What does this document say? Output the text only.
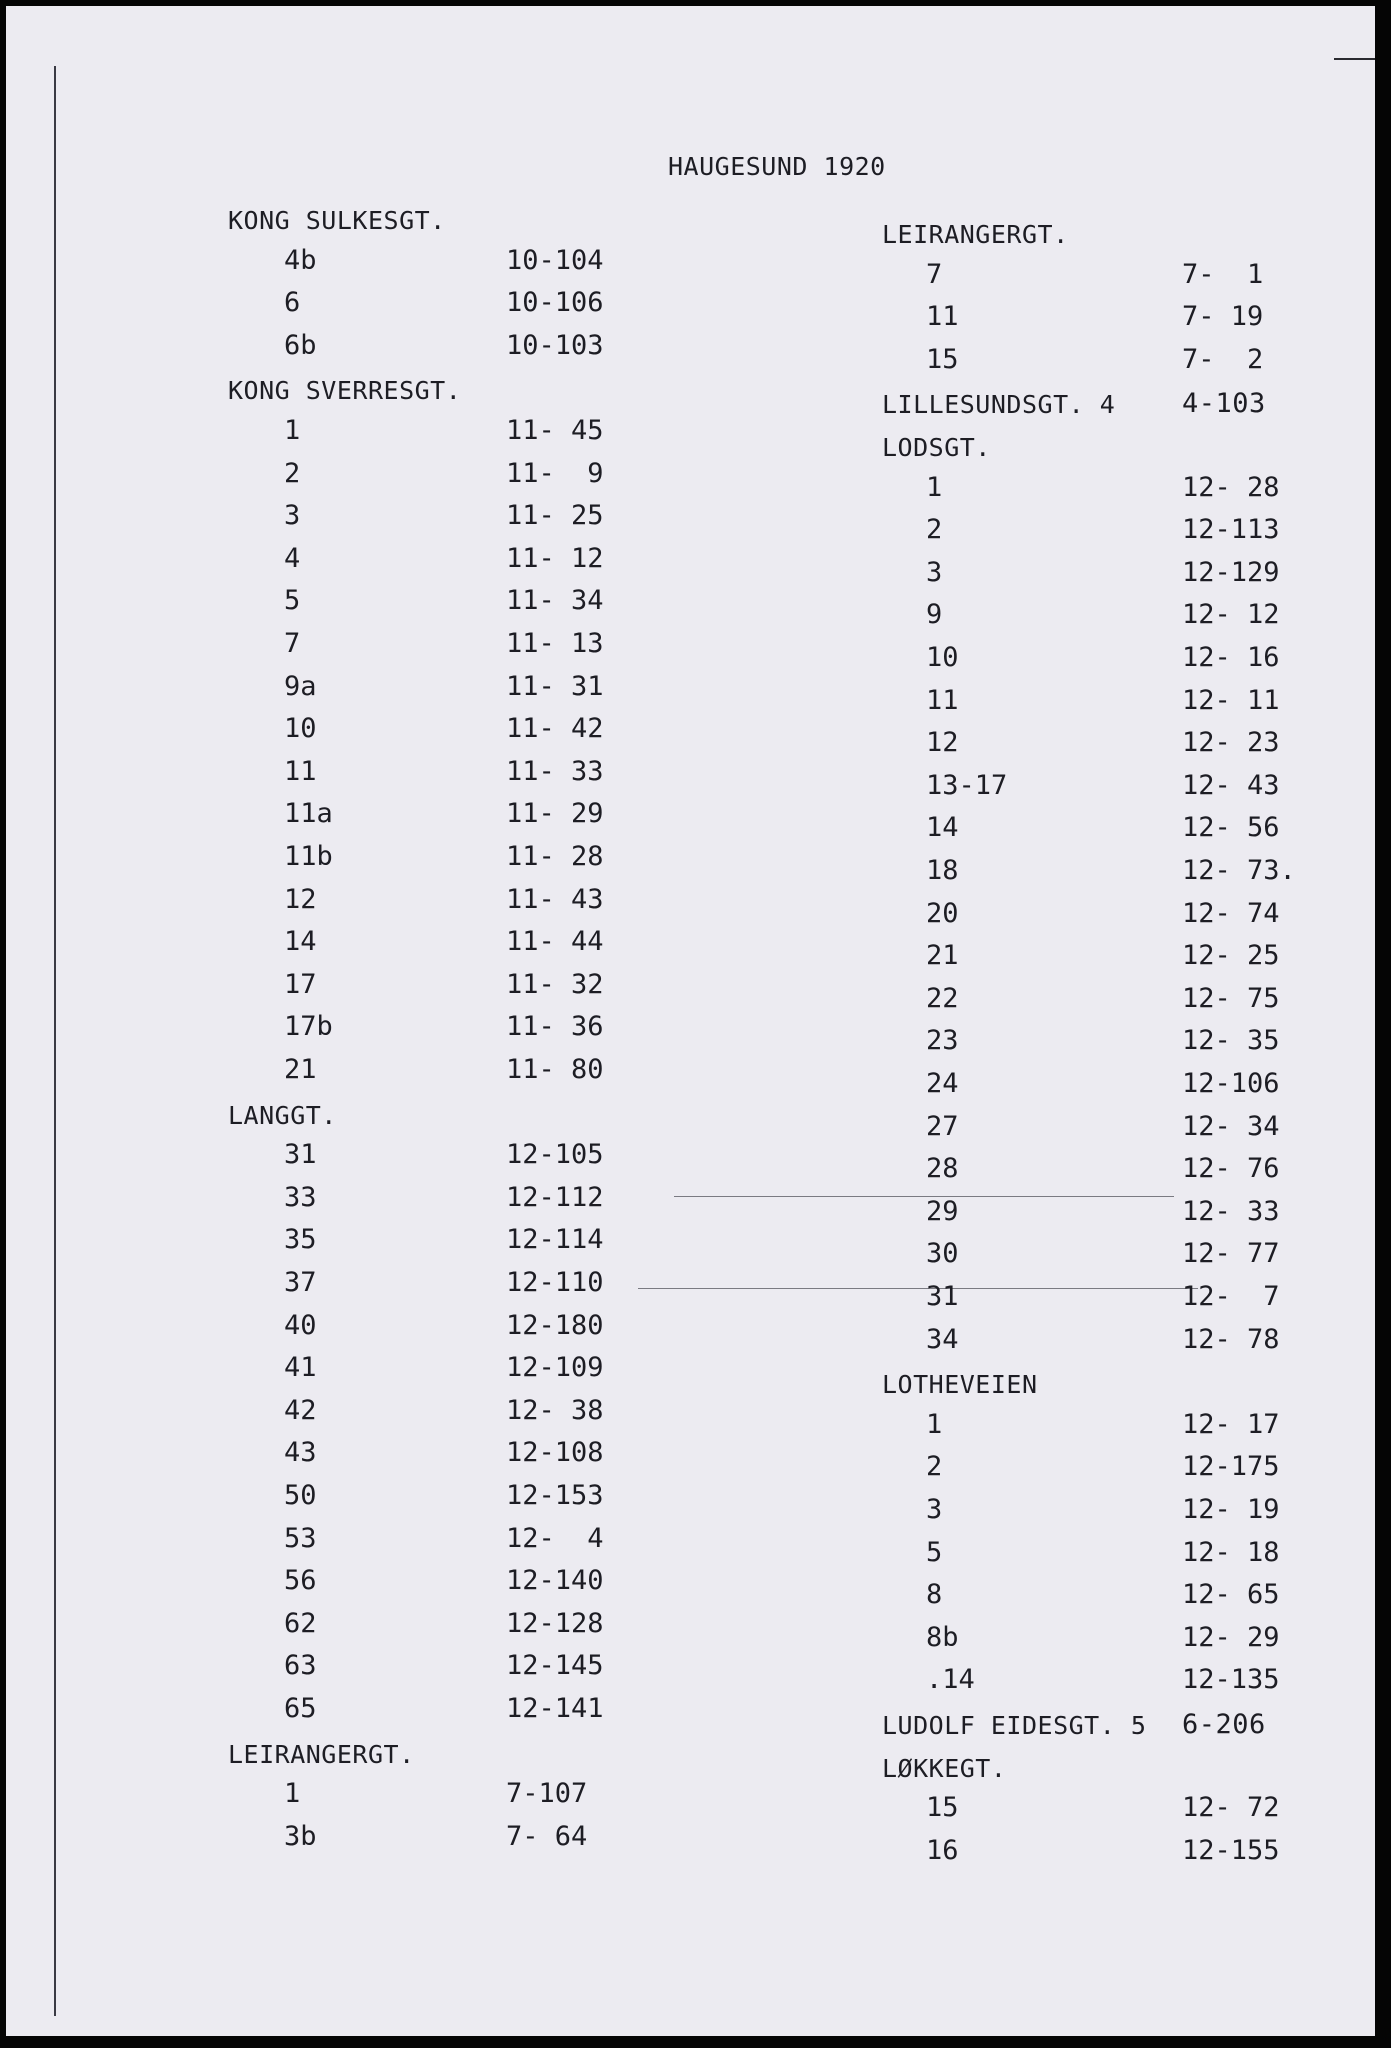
HAUGESUND 1920
KONG SULKESGT.
4b	10-104
6	10-106
6b	10-103
KONG SVERRESGT.
1	11- 45
2	11-  9
3	11- 25
4	11- 12
5	11- 34
7	11- 13
9a	11- 31
10	11- 42
11	11- 33
11a	11- 29
11b	11- 28
12	11- 43
14	11- 44
17	11- 32
17b	11- 36
21	11- 80
LANGGT.
31	12-105
33	12-112
35	12-114
37	12-110
40	12-180
41	12-109
42	12- 38
43	12-108
50	12-153
53	12-  4
56	12-140
62	12-128
63	12-145
65	12-141
LEIRANGERGT.
1	7-107
3b	7- 64
LEIRANGERGT.
7	7-  1
11	7- 19
15	7-  2
LILLESUNDSGT. 4 4-103
LODSGT.
1	12- 28
2	12-113
3	12-129
9	12- 12
10	12- 16
11	12- 11
12	12- 23
13-17	12- 43
14	12- 56
18	12- 73.
20	12- 74
21	12- 25
22	12- 75
23	12- 35
24	12-106
27	12- 34
28	12- 76
29	12- 33
30	12- 77
31	12-  7
34	12- 78
LOTHEVEIEN
1	12- 17
2	12-175
3	12- 19
5	12- 18
8	12- 65
8b	12- 29
.14	12-135
LUDOLF EIDESGT. 5 6-206
LØKKEGT.
15	12- 72
16	12-155
